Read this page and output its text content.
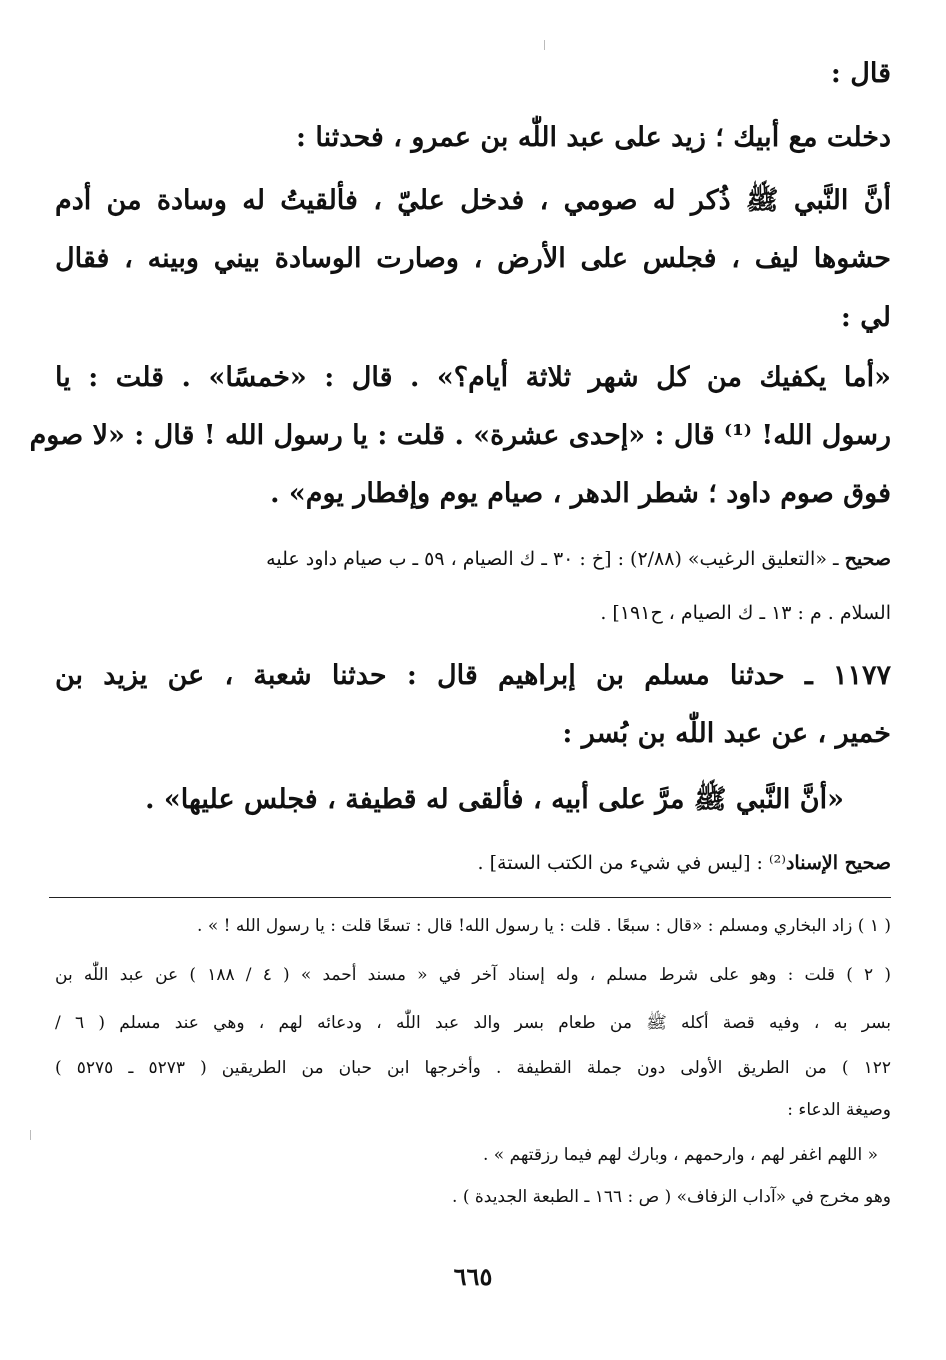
قال :
دخلت مع أبيك ؛ زيد على عبد اللّٰه بن عمرو ، فحدثنا :
أنَّ النَّبي ﷺ ذُكر له صومي ، فدخل عليّ ، فألقيتُ له وسادة من أدم
حشوها ليف ، فجلس على الأرض ، وصارت الوسادة بيني وبينه ، فقال
لي :
«أما يكفيك من كل شهر ثلاثة أيام؟» . قال : «خمسًا» . قلت : يا
رسول الله! ⁽¹⁾ قال : «إحدى عشرة» . قلت : يا رسول الله ! قال : «لا صوم
فوق صوم داود ؛ شطر الدهر ، صيام يوم وإفطار يوم» .
صحيح ـ «التعليق الرغيب» (٢/٨٨) : [خ : ٣٠ ـ ك الصيام ، ٥٩ ـ ب صيام داود عليه
السلام . م : ١٣ ـ ك الصيام ، ح١٩١] .
١١٧٧ ـ حدثنا مسلم بن إبراهيم قال : حدثنا شعبة ، عن يزيد بن
خمير ، عن عبد اللّٰه بن بُسر :
«أنَّ النَّبي ﷺ مرَّ على أبيه ، فألقى له قطيفة ، فجلس عليها» .
صحيح الإسناد⁽²⁾ : [ليس في شيء من الكتب الستة] .
( ١ ) زاد البخاري ومسلم : «قال : سبعًا . قلت : يا رسول الله! قال : تسعًا قلت : يا رسول الله ! » .
( ٢ ) قلت : وهو على شرط مسلم ، وله إسناد آخر في « مسند أحمد » ( ٤ / ١٨٨ ) عن عبد اللّٰه بن
بسر به ، وفيه قصة أكله ﷺ من طعام بسر والد عبد اللّٰه ، ودعائه لهم ، وهي عند مسلم ( ٦ /
١٢٢ ) من الطريق الأولى دون جملة القطيفة . وأخرجها ابن حبان من الطريقين ( ٥٢٧٣ ـ ٥٢٧٥ )
وصيغة الدعاء :
« اللهم اغفر لهم ، وارحمهم ، وبارك لهم فيما رزقتهم » .
وهو مخرج في «آداب الزفاف» ( ص : ١٦٦ ـ الطبعة الجديدة ) .
٦٦٥
